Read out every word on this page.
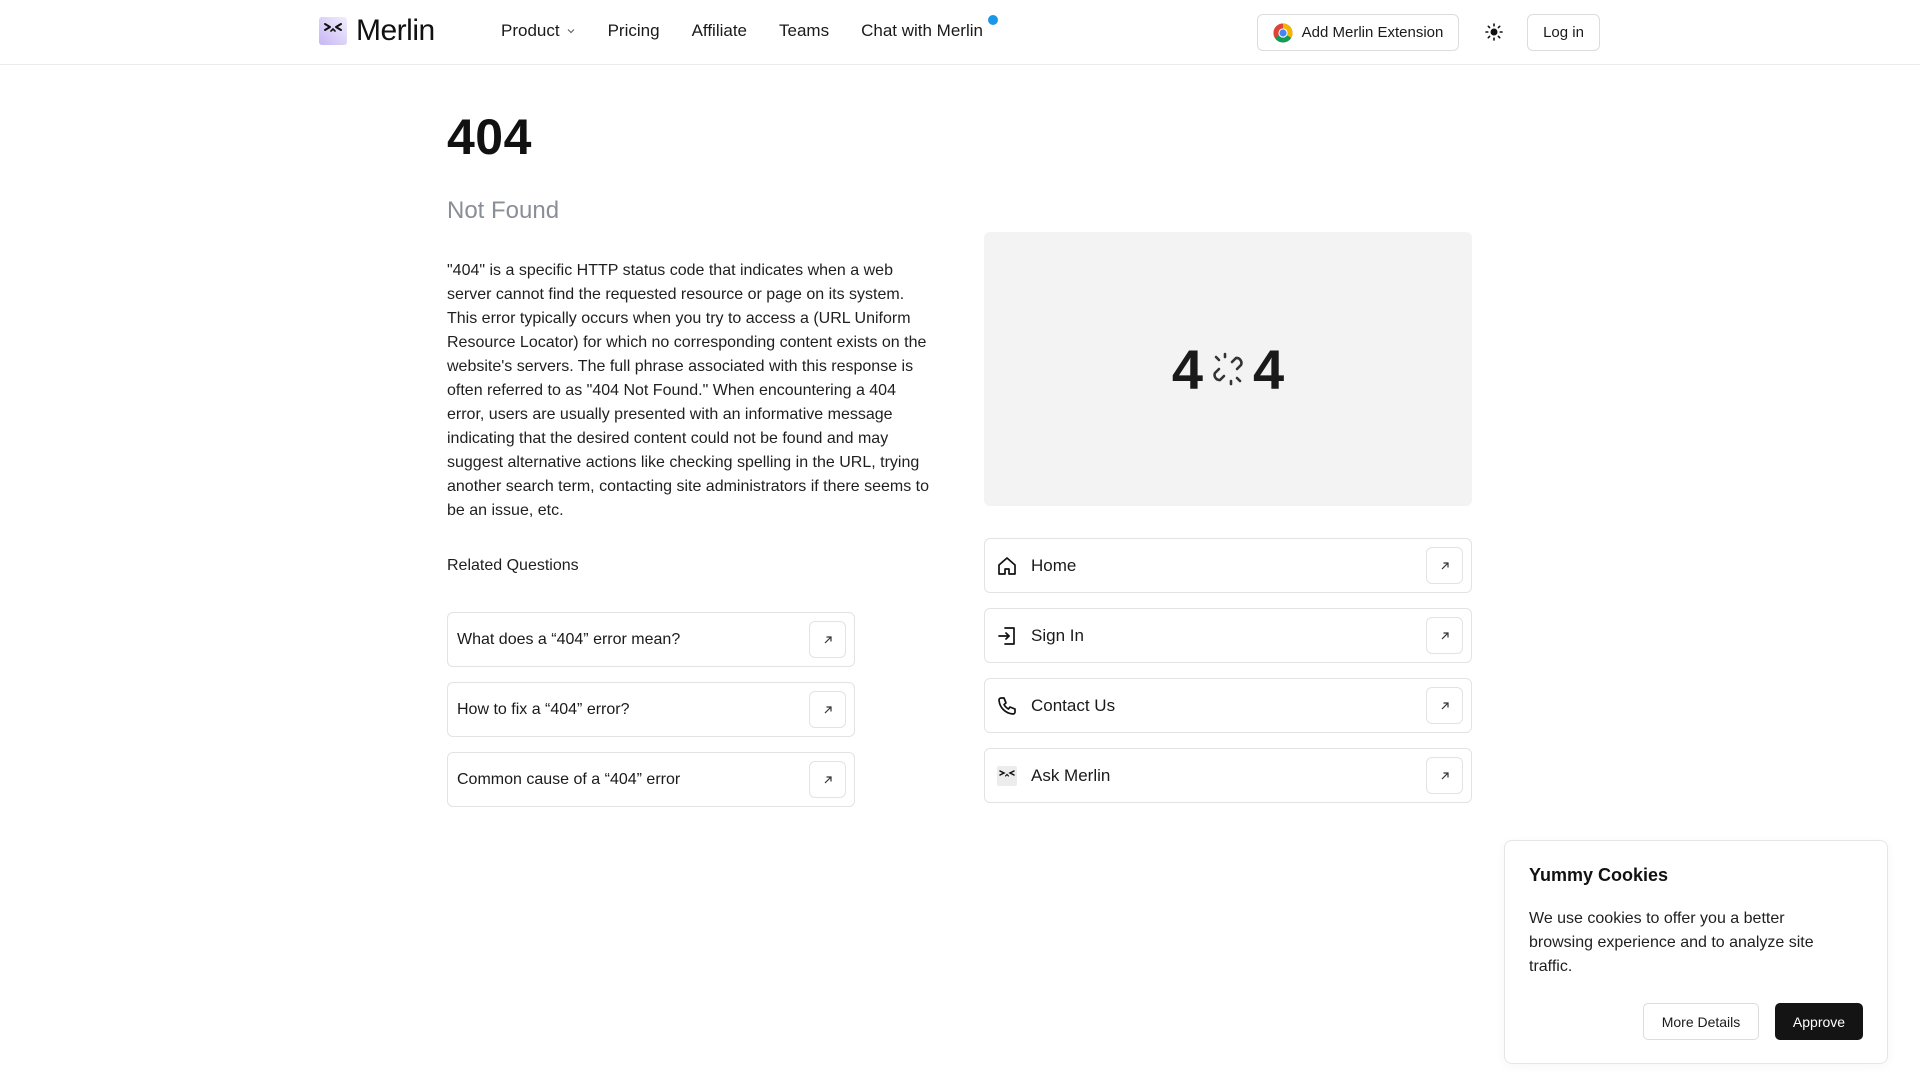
Merlin	Product	Pricing Affiliate Teams Chat with Merlin	Add Merlin Extension	Log in
404
Not Found

"404" is a specific HTTP status code that indicates when a web server cannot find the requested resource or page on its system. This error typically occurs when you try to access a (URL Uniform Resource Locator) for which no corresponding content exists on the website's servers. The full phrase associated with this response is often referred to as "404 Not Found." When encountering a 404 error, users are usually presented with an informative message indicating that the desired content could not be found and may suggest alternative actions like checking spelling in the URL, trying another search term, contacting site administrators if there seems to be an issue, etc.

Related Questions
What does a “404” error mean?
How to fix a “404” error?
Common cause of a “404” error
4 4
Home
Sign In
Contact Us
Ask Merlin
Yummy Cookies

We use cookies to offer you a better browsing experience and to analyze site traffic.

More Details	Approve
